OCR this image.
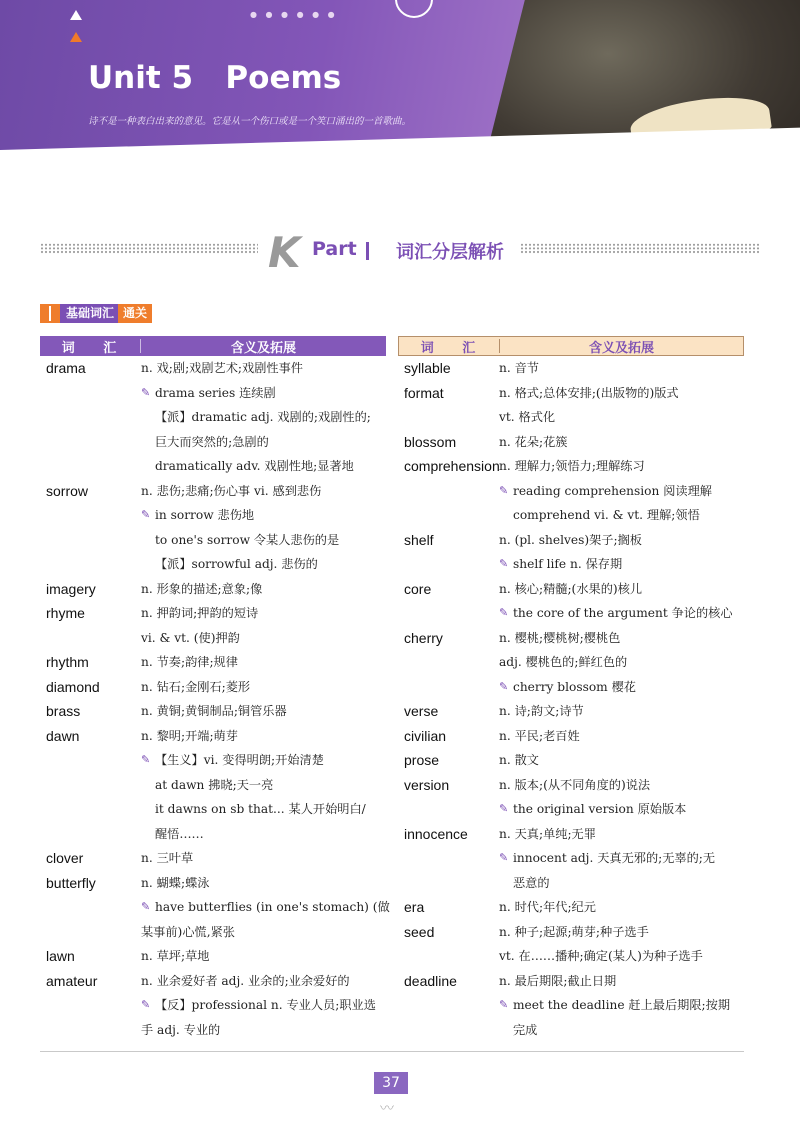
● ● ● ● ● ●
Unit 5   Poems
诗不是一种表白出来的意见。它是从一个伤口或是一个笑口涌出的一首歌曲。
K Part 词汇分层解析
基础词汇 通关
词 汇	含义及拓展
drama	n. 戏;剧;戏剧艺术;戏剧性事件
✎ drama series 连续剧
【派】dramatic adj. 戏剧的;戏剧性的;
巨大而突然的;急剧的
dramatically adv. 戏剧性地;显著地
sorrow	n. 悲伤;悲痛;伤心事 vi. 感到悲伤
✎ in sorrow 悲伤地
to one's sorrow 令某人悲伤的是
【派】sorrowful adj. 悲伤的
imagery	n. 形象的描述;意象;像
rhyme	n. 押韵词;押韵的短诗
vi. & vt. (使)押韵
rhythm	n. 节奏;韵律;规律
diamond	n. 钻石;金刚石;菱形
brass	n. 黄铜;黄铜制品;铜管乐器
dawn	n. 黎明;开端;萌芽
✎ 【生义】vi. 变得明朗;开始清楚
at dawn 拂晓;天一亮
it dawns on sb that... 某人开始明白/
醒悟……
clover	n. 三叶草
butterfly	n. 蝴蝶;蝶泳
✎ have butterflies (in one's stomach) (做
某事前)心慌,紧张
lawn	n. 草坪;草地
amateur	n. 业余爱好者 adj. 业余的;业余爱好的
✎ 【反】professional n. 专业人员;职业选
手 adj. 专业的
词 汇	含义及拓展
syllable	n. 音节
format	n. 格式;总体安排;(出版物的)版式
vt. 格式化
blossom	n. 花朵;花簇
comprehension n. 理解力;领悟力;理解练习
✎ reading comprehension 阅读理解
comprehend vi. & vt. 理解;领悟
shelf	n. (pl. shelves)架子;搁板
✎ shelf life n. 保存期
core	n. 核心;精髓;(水果的)核儿
✎ the core of the argument 争论的核心
cherry	n. 樱桃;樱桃树;樱桃色
adj. 樱桃色的;鲜红色的
✎ cherry blossom 樱花
verse	n. 诗;韵文;诗节
civilian	n. 平民;老百姓
prose	n. 散文
version	n. 版本;(从不同角度的)说法
✎ the original version 原始版本
innocence	n. 天真;单纯;无罪
✎ innocent adj. 天真无邪的;无辜的;无
恶意的
era	n. 时代;年代;纪元
seed	n. 种子;起源;萌芽;种子选手
vt. 在……播种;确定(某人)为种子选手
deadline	n. 最后期限;截止日期
✎ meet the deadline 赶上最后期限;按期
完成
37
〰
